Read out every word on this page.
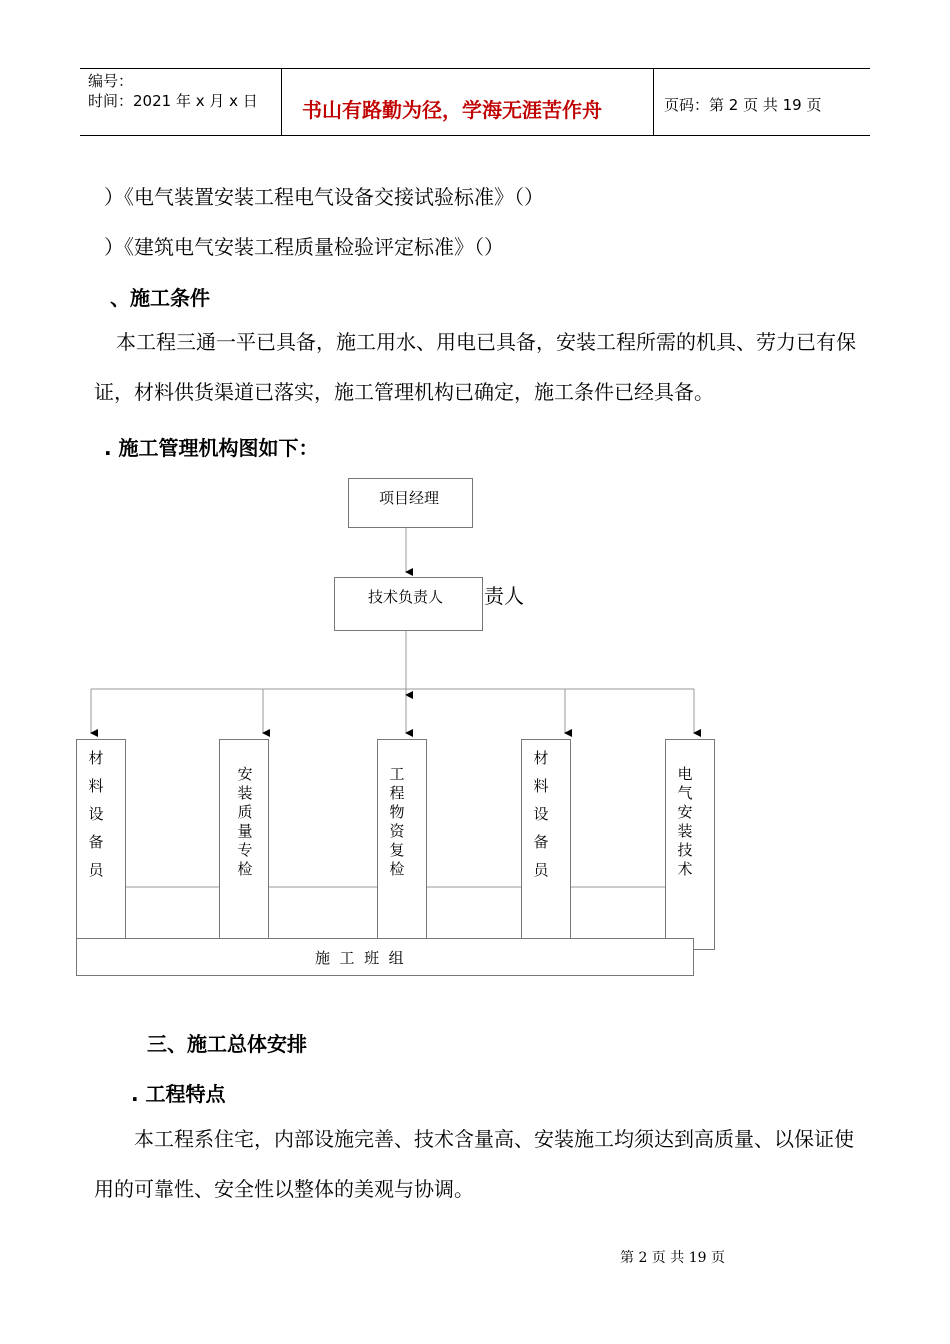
编号：
时间：2021 年 x 月 x 日 书山有路勤为径，学海无涯苦作舟	页码：第 2 页 共 19 页
）《电气装置安装工程电气设备交接试验标准》（）
）《建筑电气安装工程质量检验评定标准》（）
、施工条件
本工程三通一平已具备，施工用水、用电已具备，安装工程所需的机具、劳力已有保证，材料供货渠道已落实，施工管理机构已确定，施工条件已经具备。
. 施工管理机构图如下：
项目经理
技术负责人 责人
材料设备员
安装质量专检
工程物资复检
材料设备员
电气安装技术
施  工  班  组
三、施工总体安排
. 工程特点
本工程系住宅，内部设施完善、技术含量高、安装施工均须达到高质量、以保证使用的可靠性、安全性以整体的美观与协调。
第 2 页 共 19 页
